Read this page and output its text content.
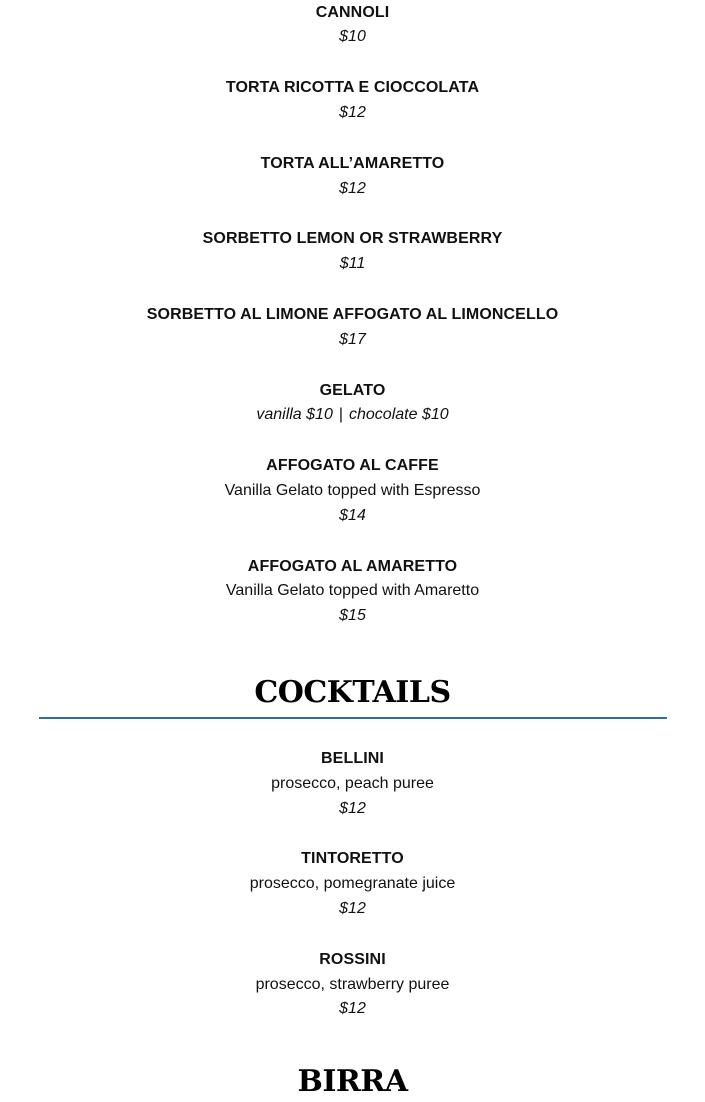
CANNOLI
$10
TORTA RICOTTA E CIOCCOLATA
$12
TORTA ALL’AMARETTO
$12
SORBETTO LEMON OR STRAWBERRY
$11
SORBETTO AL LIMONE AFFOGATO AL LIMONCELLO
$17
GELATO
vanilla $10 | chocolate $10
AFFOGATO AL CAFFE
Vanilla Gelato topped with Espresso
$14
AFFOGATO AL AMARETTO
Vanilla Gelato topped with Amaretto
$15
COCKTAILS
BELLINI
prosecco, peach puree
$12
TINTORETTO
prosecco, pomegranate juice
$12
ROSSINI
prosecco, strawberry puree
$12
BIRRA
